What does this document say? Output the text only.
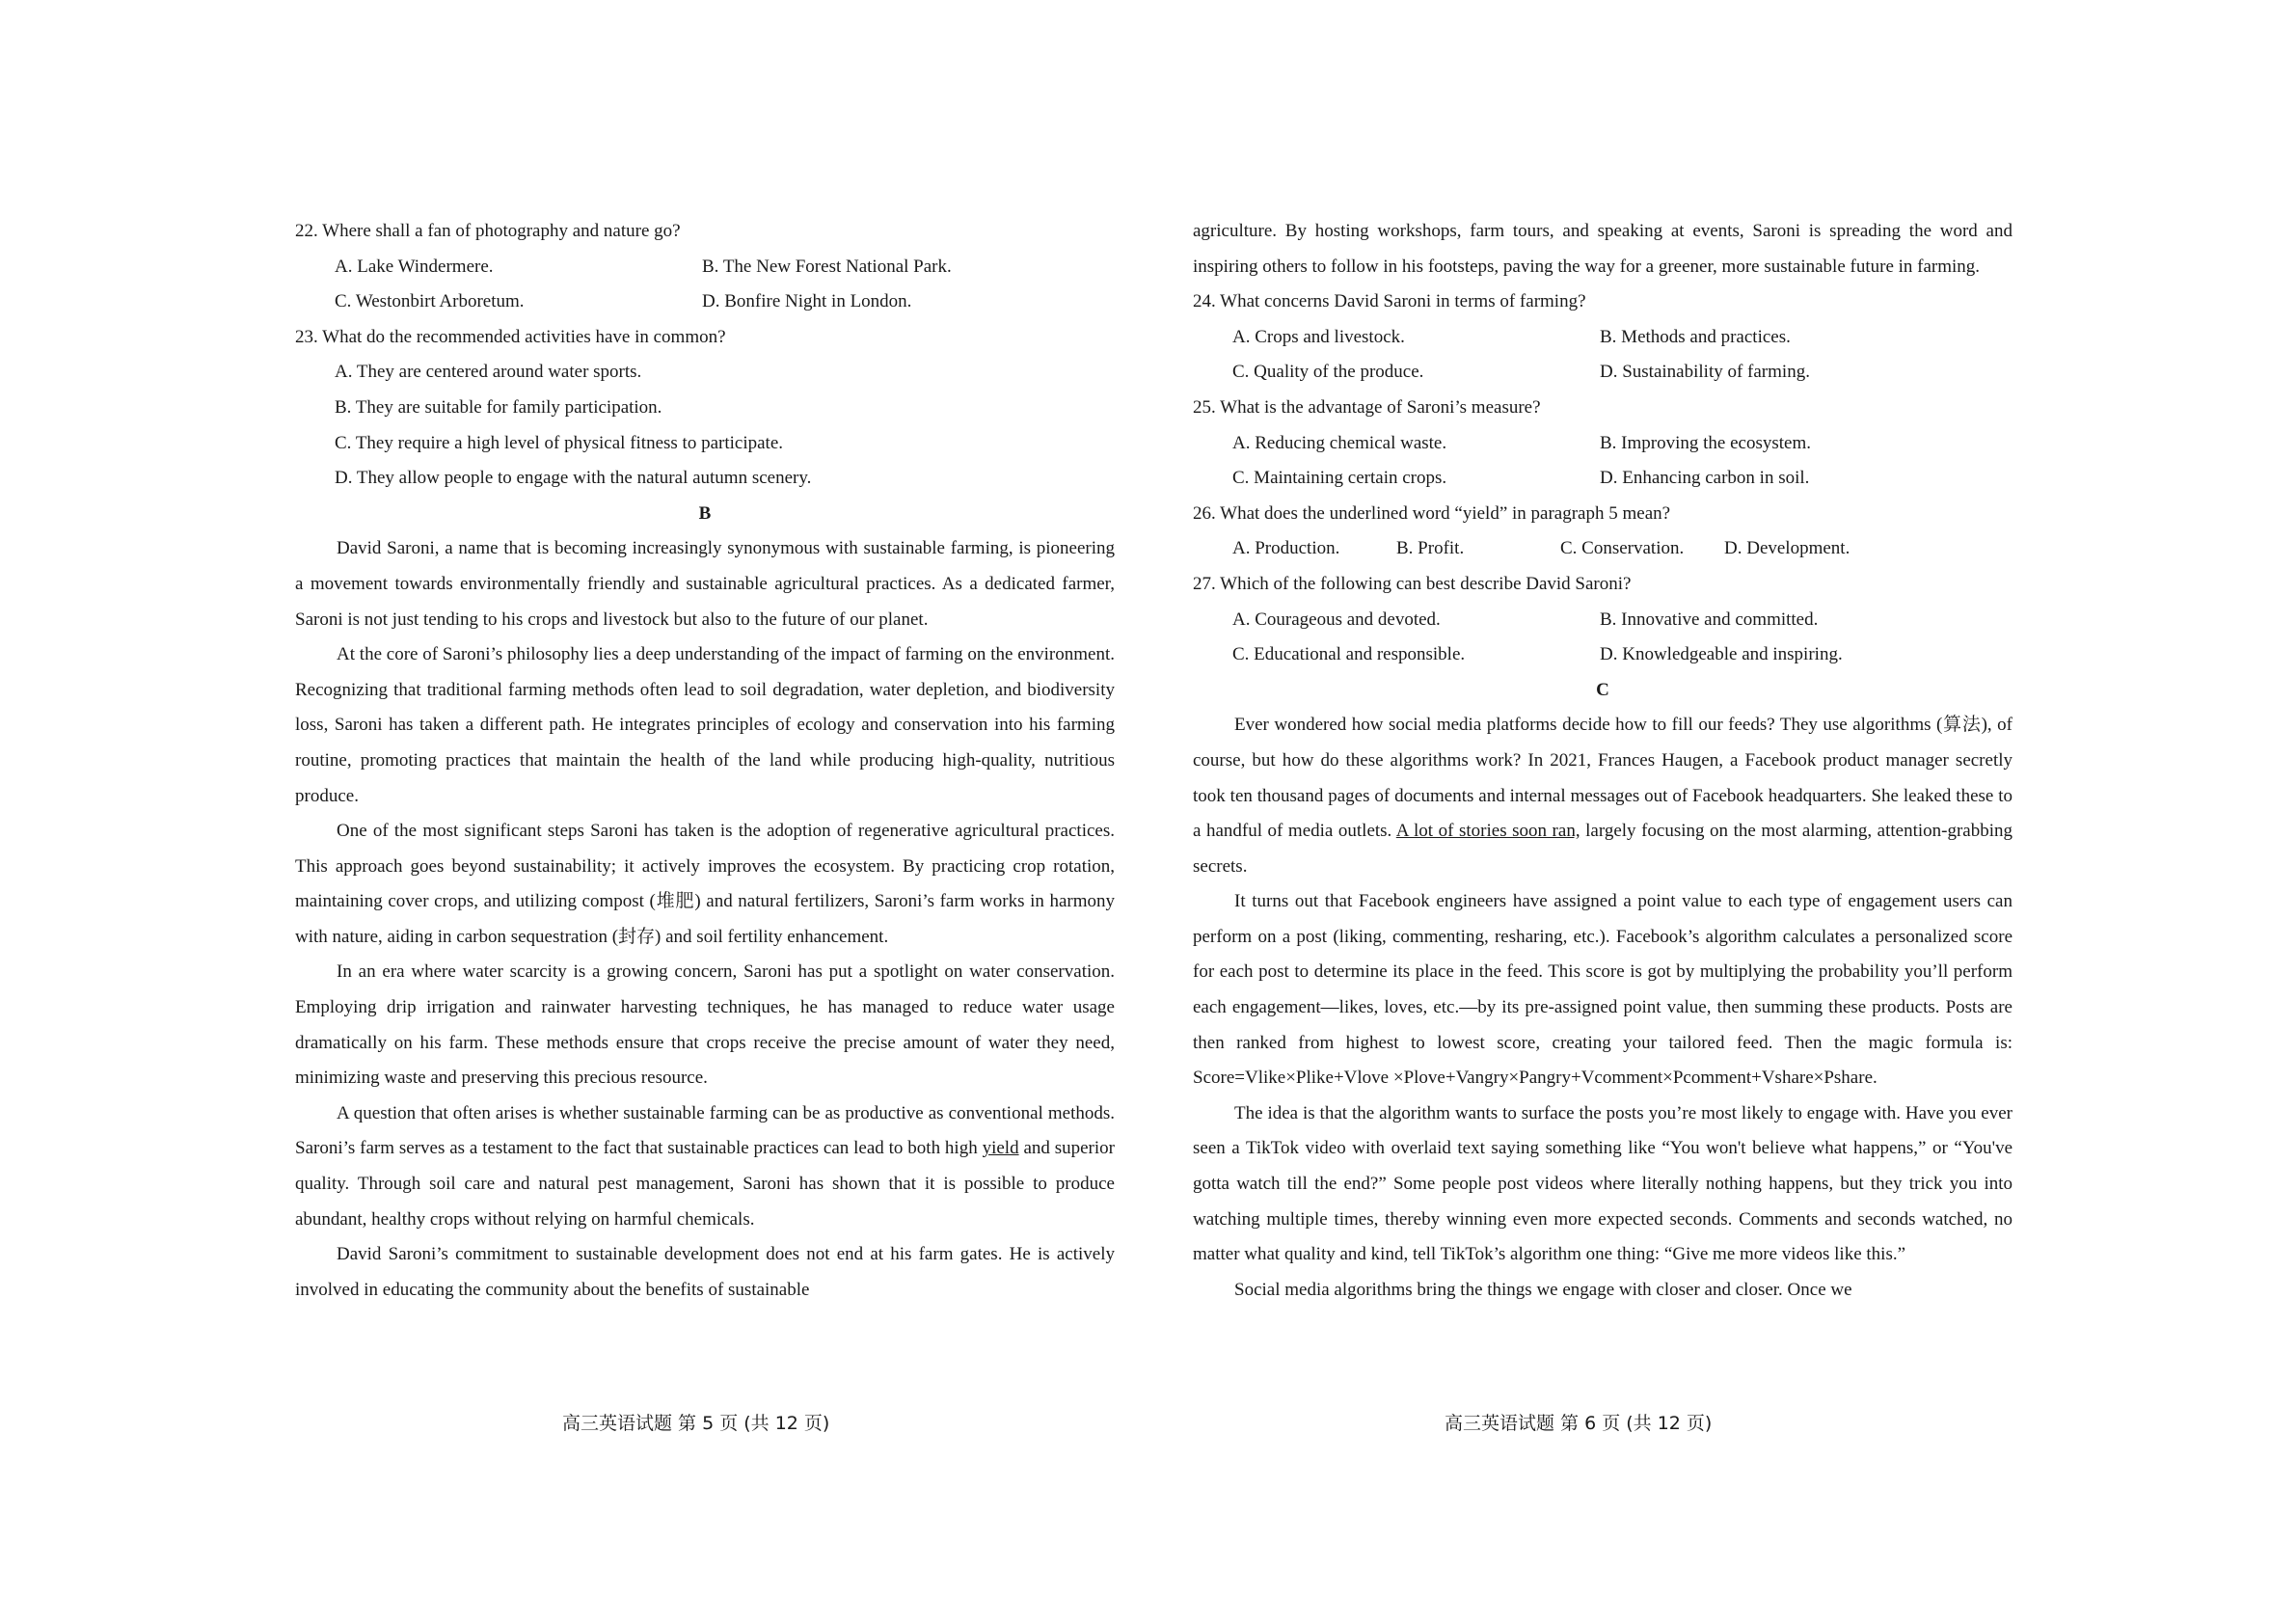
22. Where shall a fan of photography and nature go?
A. Lake Windermere.	B. The New Forest National Park.
C. Westonbirt Arboretum.	D. Bonfire Night in London.
23. What do the recommended activities have in common?
A. They are centered around water sports.
B. They are suitable for family participation.
C. They require a high level of physical fitness to participate.
D. They allow people to engage with the natural autumn scenery.
B
David Saroni, a name that is becoming increasingly synonymous with sustainable farming, is pioneering a movement towards environmentally friendly and sustainable agricultural practices. As a dedicated farmer, Saroni is not just tending to his crops and livestock but also to the future of our planet.
At the core of Saroni’s philosophy lies a deep understanding of the impact of farming on the environment. Recognizing that traditional farming methods often lead to soil degradation, water depletion, and biodiversity loss, Saroni has taken a different path. He integrates principles of ecology and conservation into his farming routine, promoting practices that maintain the health of the land while producing high-quality, nutritious produce.
One of the most significant steps Saroni has taken is the adoption of regenerative agricultural practices. This approach goes beyond sustainability; it actively improves the ecosystem. By practicing crop rotation, maintaining cover crops, and utilizing compost (堆肥) and natural fertilizers, Saroni’s farm works in harmony with nature, aiding in carbon sequestration (封存) and soil fertility enhancement.
In an era where water scarcity is a growing concern, Saroni has put a spotlight on water conservation. Employing drip irrigation and rainwater harvesting techniques, he has managed to reduce water usage dramatically on his farm. These methods ensure that crops receive the precise amount of water they need, minimizing waste and preserving this precious resource.
A question that often arises is whether sustainable farming can be as productive as conventional methods. Saroni’s farm serves as a testament to the fact that sustainable practices can lead to both high yield and superior quality. Through soil care and natural pest management, Saroni has shown that it is possible to produce abundant, healthy crops without relying on harmful chemicals.
David Saroni’s commitment to sustainable development does not end at his farm gates. He is actively involved in educating the community about the benefits of sustainable
agriculture. By hosting workshops, farm tours, and speaking at events, Saroni is spreading the word and inspiring others to follow in his footsteps, paving the way for a greener, more sustainable future in farming.
24. What concerns David Saroni in terms of farming?
A. Crops and livestock.	B. Methods and practices.
C. Quality of the produce.	D. Sustainability of farming.
25. What is the advantage of Saroni’s measure?
A. Reducing chemical waste.	B. Improving the ecosystem.
C. Maintaining certain crops.	D. Enhancing carbon in soil.
26. What does the underlined word “yield” in paragraph 5 mean?
A. Production.	B. Profit.	C. Conservation.	D. Development.
27. Which of the following can best describe David Saroni?
A. Courageous and devoted.	B. Innovative and committed.
C. Educational and responsible.	D. Knowledgeable and inspiring.
C
Ever wondered how social media platforms decide how to fill our feeds? They use algorithms (算法), of course, but how do these algorithms work? In 2021, Frances Haugen, a Facebook product manager secretly took ten thousand pages of documents and internal messages out of Facebook headquarters. She leaked these to a handful of media outlets. A lot of stories soon ran, largely focusing on the most alarming, attention-grabbing secrets.
It turns out that Facebook engineers have assigned a point value to each type of engagement users can perform on a post (liking, commenting, resharing, etc.). Facebook’s algorithm calculates a personalized score for each post to determine its place in the feed. This score is got by multiplying the probability you’ll perform each engagement—likes, loves, etc.—by its pre-assigned point value, then summing these products. Posts are then ranked from highest to lowest score, creating your tailored feed. Then the magic formula is: Score=Vlike×Plike+Vlove ×Plove+Vangry×Pangry+Vcomment×Pcomment+Vshare×Pshare.
The idea is that the algorithm wants to surface the posts you’re most likely to engage with. Have you ever seen a TikTok video with overlaid text saying something like “You won't believe what happens,” or “You've gotta watch till the end?” Some people post videos where literally nothing happens, but they trick you into watching multiple times, thereby winning even more expected seconds. Comments and seconds watched, no matter what quality and kind, tell TikTok’s algorithm one thing: “Give me more videos like this.”
Social media algorithms bring the things we engage with closer and closer. Once we
高三英语试题 第 5 页 (共 12 页)	高三英语试题 第 6 页 (共 12 页)
